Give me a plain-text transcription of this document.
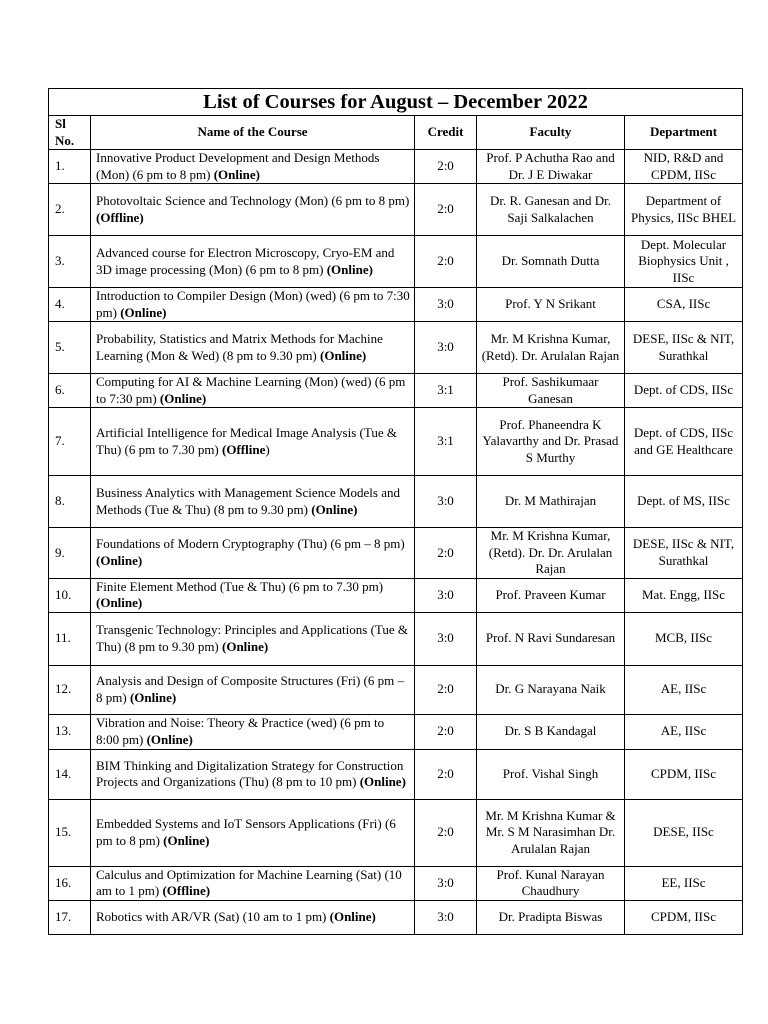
List of Courses for August – December 2022				
Sl No.	Name of the Course	Credit	Faculty	Department
1.	Innovative Product Development and Design Methods (Mon) (6 pm to 8 pm) (Online)	2:0	Prof. P Achutha Rao and Dr. J E Diwakar	NID, R&D and CPDM, IISc
2.	Photovoltaic Science and Technology (Mon) (6 pm to 8 pm) (Offline)	2:0	Dr. R. Ganesan and Dr. Saji Salkalachen	Department of Physics, IISc BHEL
3.	Advanced course for Electron Microscopy, Cryo-EM and 3D image processing (Mon) (6 pm to 8 pm) (Online)	2:0	Dr. Somnath Dutta	Dept. Molecular Biophysics Unit , IISc
4.	Introduction to Compiler Design (Mon) (wed) (6 pm to 7:30 pm) (Online)	3:0	Prof. Y N Srikant	CSA, IISc
5.	Probability, Statistics and Matrix Methods for Machine Learning (Mon & Wed) (8 pm to 9.30 pm) (Online)	3:0	Mr. M Krishna Kumar, (Retd). Dr. Arulalan Rajan	DESE, IISc & NIT, Surathkal
6.	Computing for AI & Machine Learning (Mon) (wed) (6 pm to 7:30 pm) (Online)	3:1	Prof. Sashikumaar Ganesan	Dept. of CDS, IISc
7.	Artificial Intelligence for Medical Image Analysis (Tue & Thu) (6 pm to 7.30 pm) (Offline)	3:1	Prof. Phaneendra K Yalavarthy and Dr. Prasad S Murthy	Dept. of CDS, IISc and GE Healthcare
8.	Business Analytics with Management Science Models and Methods (Tue & Thu) (8 pm to 9.30 pm) (Online)	3:0	Dr. M Mathirajan	Dept. of MS, IISc
9.	Foundations of Modern Cryptography (Thu) (6 pm – 8 pm) (Online)	2:0	Mr. M Krishna Kumar, (Retd). Dr. Dr. Arulalan Rajan	DESE, IISc & NIT, Surathkal
10.	Finite Element Method (Tue & Thu) (6 pm to 7.30 pm) (Online)	3:0	Prof. Praveen Kumar	Mat. Engg, IISc
11.	Transgenic Technology: Principles and Applications (Tue & Thu) (8 pm to 9.30 pm) (Online)	3:0	Prof. N Ravi Sundaresan	MCB, IISc
12.	Analysis and Design of Composite Structures (Fri) (6 pm – 8 pm) (Online)	2:0	Dr. G Narayana Naik	AE, IISc
13.	Vibration and Noise: Theory & Practice (wed) (6 pm to 8:00 pm) (Online)	2:0	Dr. S B Kandagal	AE, IISc
14.	BIM Thinking and Digitalization Strategy for Construction Projects and Organizations (Thu) (8 pm to 10 pm) (Online)	2:0	Prof. Vishal Singh	CPDM, IISc
15.	Embedded Systems and IoT Sensors Applications (Fri) (6 pm to 8 pm) (Online)	2:0	Mr. M Krishna Kumar & Mr. S M Narasimhan Dr. Arulalan Rajan	DESE, IISc
16.	Calculus and Optimization for Machine Learning (Sat) (10 am to 1 pm) (Offline)	3:0	Prof. Kunal Narayan Chaudhury	EE, IISc
17.	Robotics with AR/VR (Sat) (10 am to 1 pm) (Online)	3:0	Dr. Pradipta Biswas	CPDM, IISc
